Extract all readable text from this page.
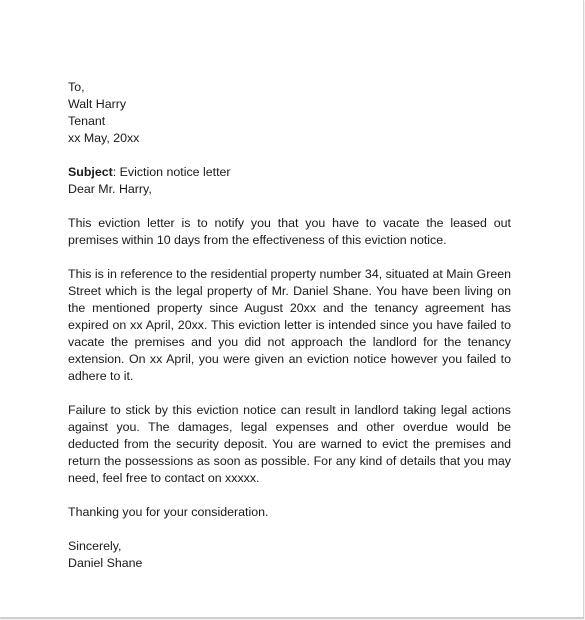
To,
Walt Harry
Tenant
xx May, 20xx
Subject: Eviction notice letter
Dear Mr. Harry,

This eviction letter is to notify you that you have to vacate the leased out premises within 10 days from the effectiveness of this eviction notice.

This is in reference to the residential property number 34, situated at Main Green Street which is the legal property of Mr. Daniel Shane. You have been living on the mentioned property since August 20xx and the tenancy agreement has expired on xx April, 20xx. This eviction letter is intended since you have failed to vacate the premises and you did not approach the landlord for the tenancy extension. On xx April, you were given an eviction notice however you failed to adhere to it.

Failure to stick by this eviction notice can result in landlord taking legal actions against you. The damages, legal expenses and other overdue would be deducted from the security deposit. You are warned to evict the premises and return the possessions as soon as possible. For any kind of details that you may need, feel free to contact on xxxxx.

Thanking you for your consideration.

Sincerely,
Daniel Shane
